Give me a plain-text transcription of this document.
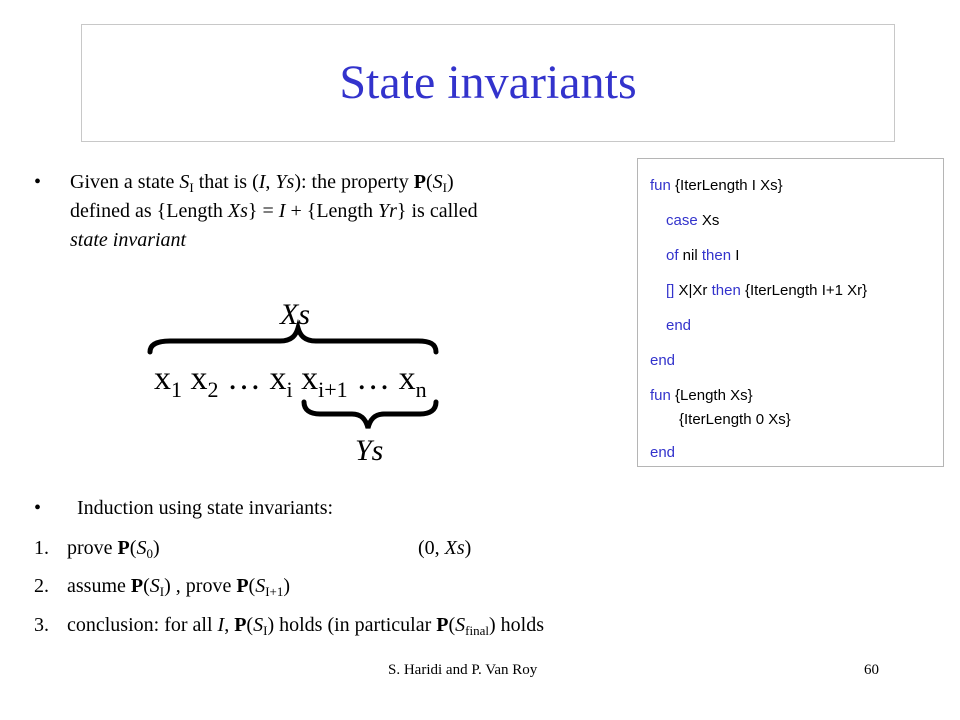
State invariants
• Given a state $S_I$ that is (I, Ys): the property $P(S_I)$
defined as {Length Xs} = I + {Length Yr} is called
state invariant
fun {IterLength I Xs}
case Xs
of nil then I
[] X|Xr then {IterLength I+1 Xr}
end
end
fun {Length Xs}
{IterLength 0 Xs}
end
Xs
Ys
$x_1$ $x_2$ … $x_i$ $x_{i+1}$ … $x_n$
• Induction using state invariants:
1. prove $P(S_0)$	(0, Xs)
2. assume $P(S_I)$ , prove $P(S_{I+1})$
3. conclusion: for all I, $P(S_I)$ holds (in particular $P(S_{final})$ holds
S. Haridi and P. Van Roy	60
